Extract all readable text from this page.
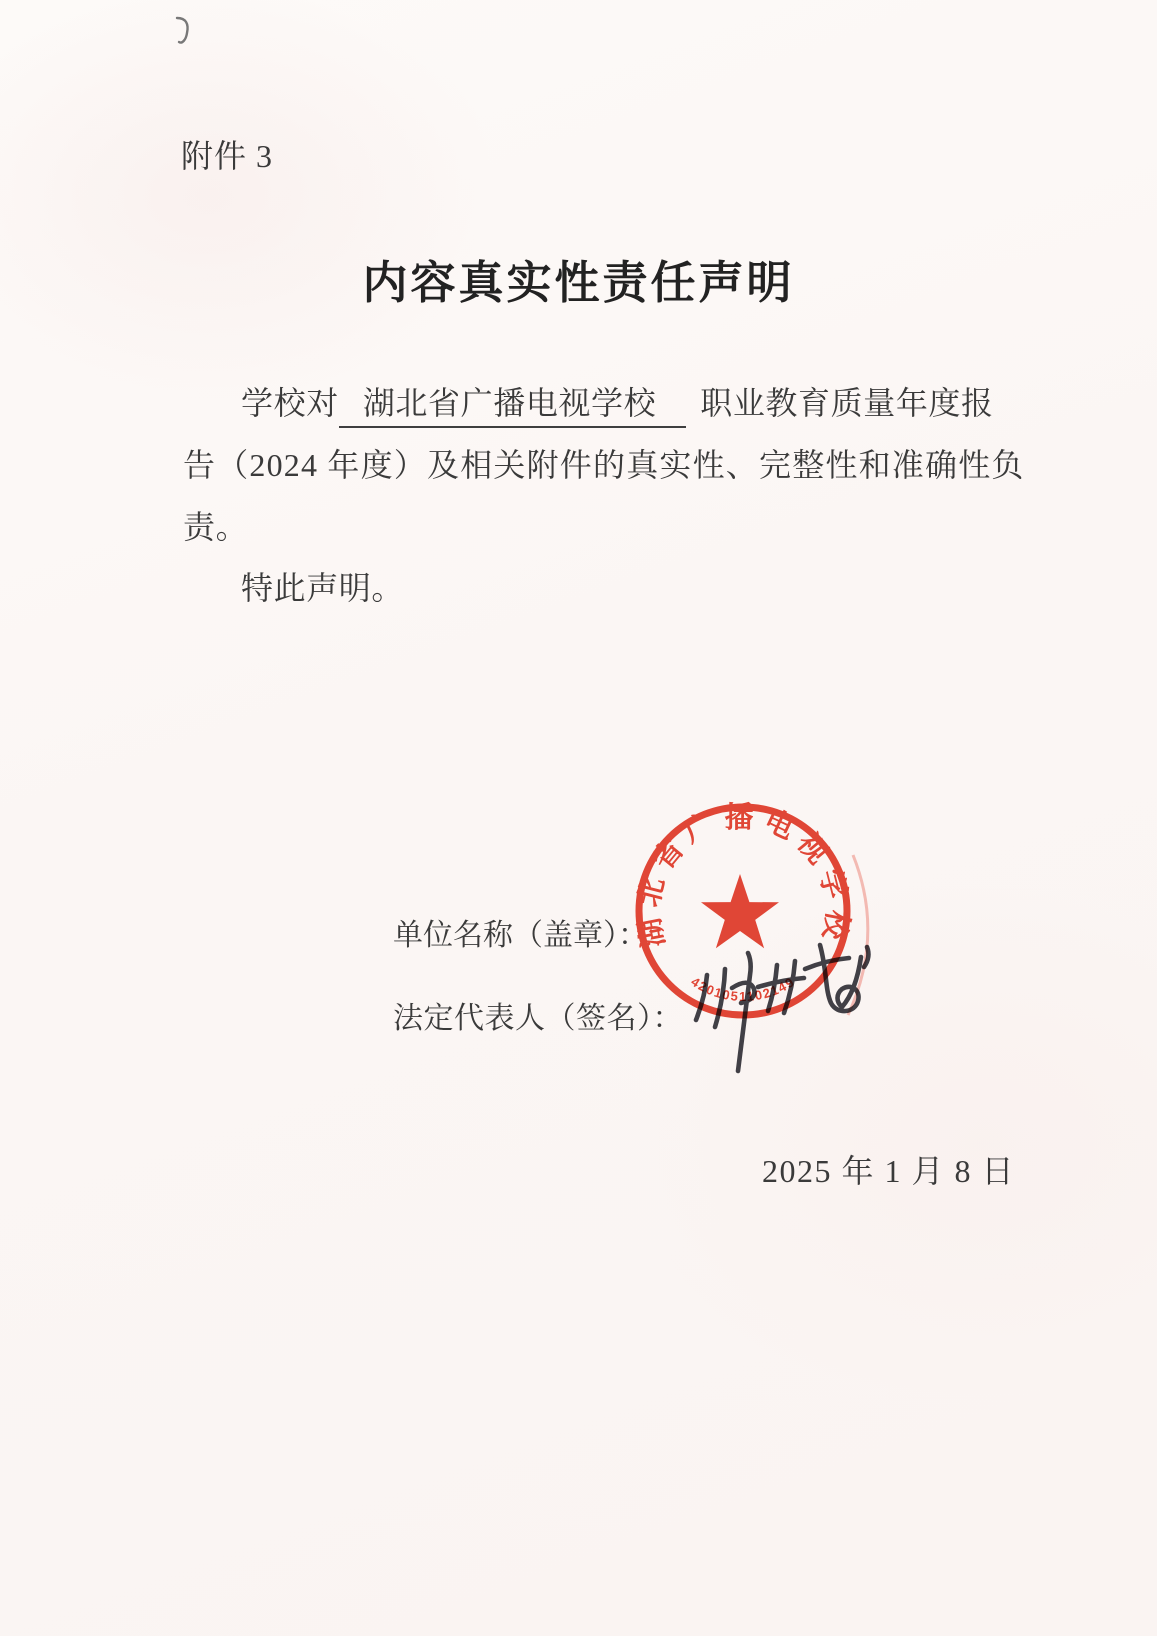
附件 3
内容真实性责任声明
学校对 湖北省广播电视学校 职业教育质量年度报
告（2024 年度）及相关附件的真实性、完整性和准确性负
责。
特此声明。
单位名称（盖章）：
法定代表人（签名）：
湖北省广播电视学校
4201051102149
2025 年 1 月 8 日
